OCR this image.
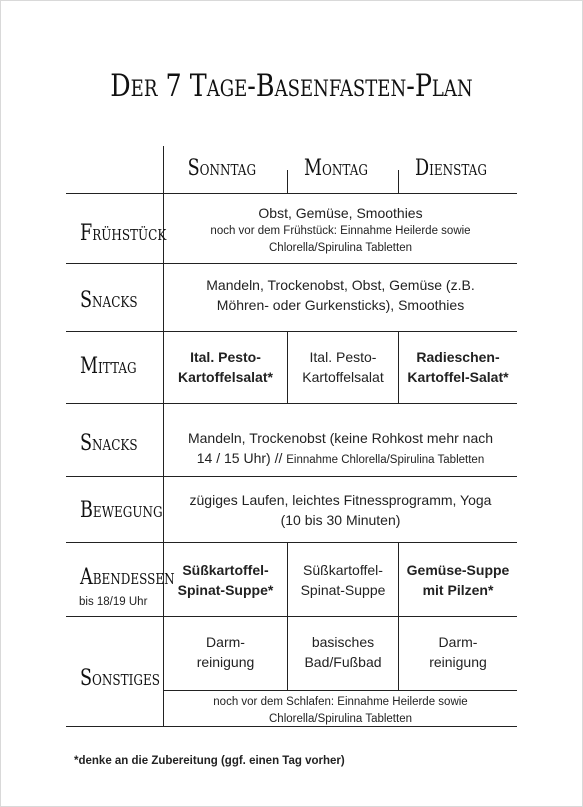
Der 7 Tage-Basenfasten-Plan
Sonntag	Montag	Dienstag
Frühstück
Snacks
Mittag
Snacks
Bewegung
Abendessen
bis 18/19 Uhr
Sonstiges
Obst, Gemüse, Smoothies
noch vor dem Frühstück: Einnahme Heilerde sowie
Chlorella/Spirulina Tabletten
Mandeln, Trockenobst, Obst, Gemüse (z.B.
Möhren- oder Gurkensticks), Smoothies
Ital. Pesto-
Kartoffelsalat*
Ital. Pesto-
Kartoffelsalat
Radieschen-
Kartoffel-Salat*
Mandeln, Trockenobst (keine Rohkost mehr nach
14 / 15 Uhr) // Einnahme Chlorella/Spirulina Tabletten
zügiges Laufen, leichtes Fitnessprogramm, Yoga
(10 bis 30 Minuten)
Süßkartoffel-
Spinat-Suppe*
Süßkartoffel-
Spinat-Suppe
Gemüse-Suppe
mit Pilzen*
Darm-
reinigung
basisches
Bad/Fußbad
Darm-
reinigung
noch vor dem Schlafen: Einnahme Heilerde sowie
Chlorella/Spirulina Tabletten
*denke an die Zubereitung (ggf. einen Tag vorher)
